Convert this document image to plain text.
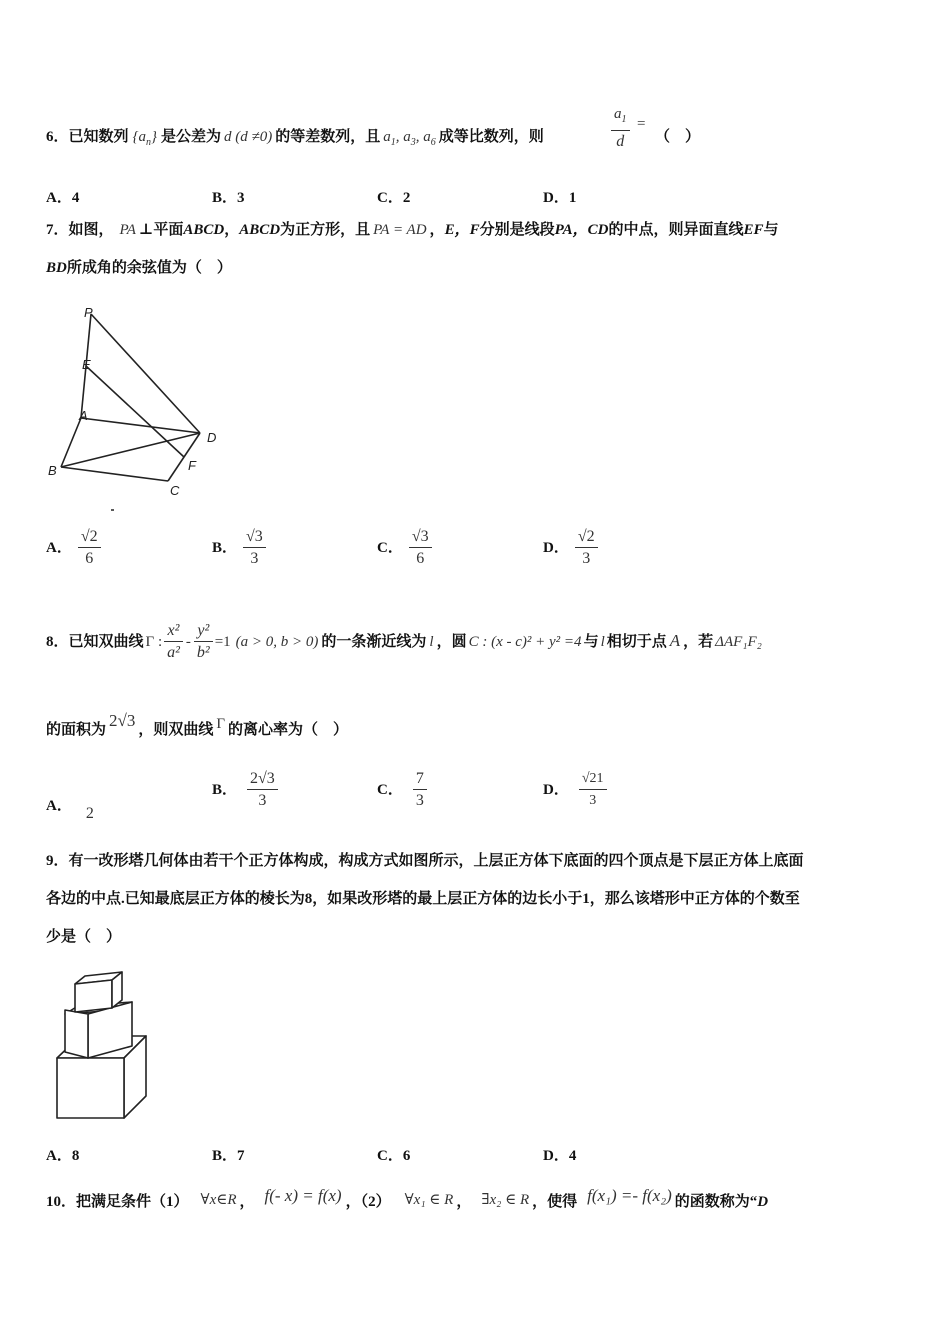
6．已知数列 $\{a_n\}$ 是公差为 d (d ≠0) 的等差数列，且 $a_1$, $a_3$, $a_6$ 成等比数列，则	$\frac{a_1}{d}$ =
（　）
A．4	B．3	C．2	D．1
7．如图， PA ⊥平面ABCD，ABCD为正方形，且 PA = AD ，E，F分别是线段PA，CD的中点，则异面直线EF与
BD所成角的余弦值为（　）
P
E
A
D
B	F
C
A． $\frac{√2}{6}$	B． $\frac{√3}{3}$	C． $\frac{√3}{6}$	D． $\frac{√2}{3}$
8．已知双曲线 Γ : $\frac{\text{x²}}{\text{a²}} - \frac{\text{y²}}{\text{b²}} =1$ (a > 0, b > 0) 的一条渐近线为 l ，圆 C : (x - c)² + y² =4 与 l 相切于点 A ，若 ΔAF₁F₂
的面积为 2√3 ，则双曲线 Γ 的离心率为（　）
A． 2
B． $\frac{2√3}{3}$	C． $\frac{7}{3}$	D． $\frac{√21}{3}$
9．有一改形塔几何体由若干个正方体构成，构成方式如图所示，上层正方体下底面的四个顶点是下层正方体上底面
各边的中点.已知最底层正方体的棱长为8，如果改形塔的最上层正方体的边长小于1，那么该塔形中正方体的个数至
少是（　）
A．8	B．7	C．6	D．4
10．把满足条件（1） ∀x∈R ， f(- x) = f(x) ，（2） ∀x₁ ∈ R ， ∃x₂ ∈ R ，使得 f(x₁) =- f(x₂) 的函数称为“D
